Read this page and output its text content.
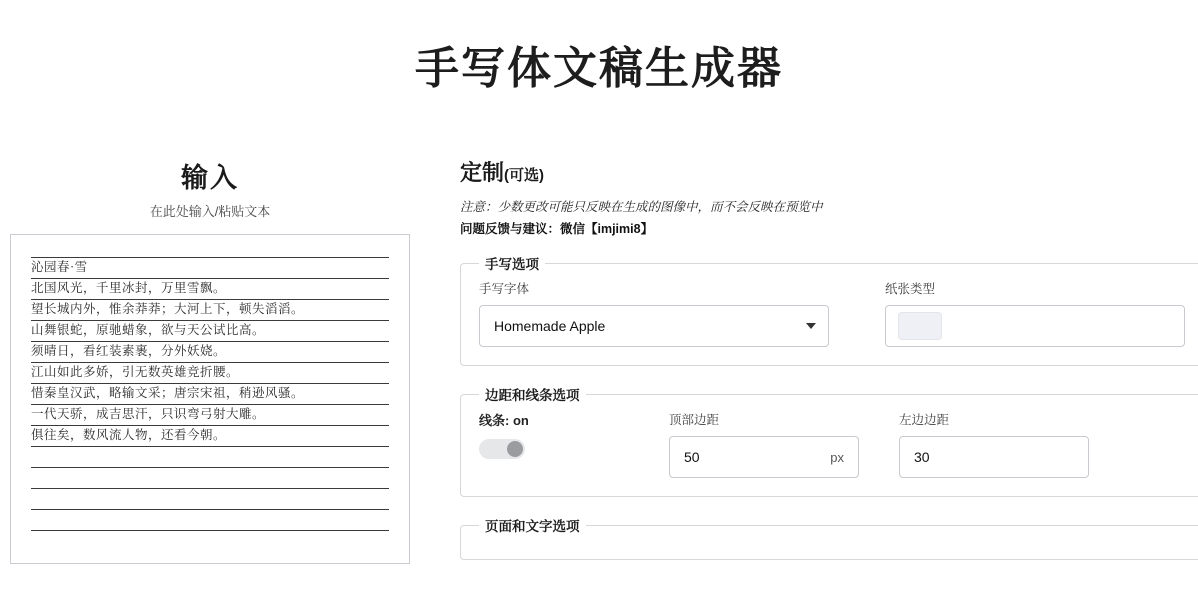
手写体文稿生成器
输入
在此处输入/粘贴文本
沁园春·雪
北国风光，千里冰封，万里雪飘。
望长城内外，惟余莽莽；大河上下，顿失滔滔。
山舞银蛇，原驰蜡象，欲与天公试比高。
须晴日，看红装素裹，分外妖娆。
江山如此多娇，引无数英雄竞折腰。
惜秦皇汉武，略输文采；唐宗宋祖，稍逊风骚。
一代天骄，成吉思汗，只识弯弓射大雕。
俱往矣，数风流人物，还看今朝。
定制(可选)
注意：少数更改可能只反映在生成的图像中，而不会反映在预览中
问题反馈与建议：微信【imjimi8】
手写选项
手写字体
Homemade Apple
纸张类型
边距和线条选项
线条: on	顶部边距
50	px
左边边距
30
页面和文字选项
